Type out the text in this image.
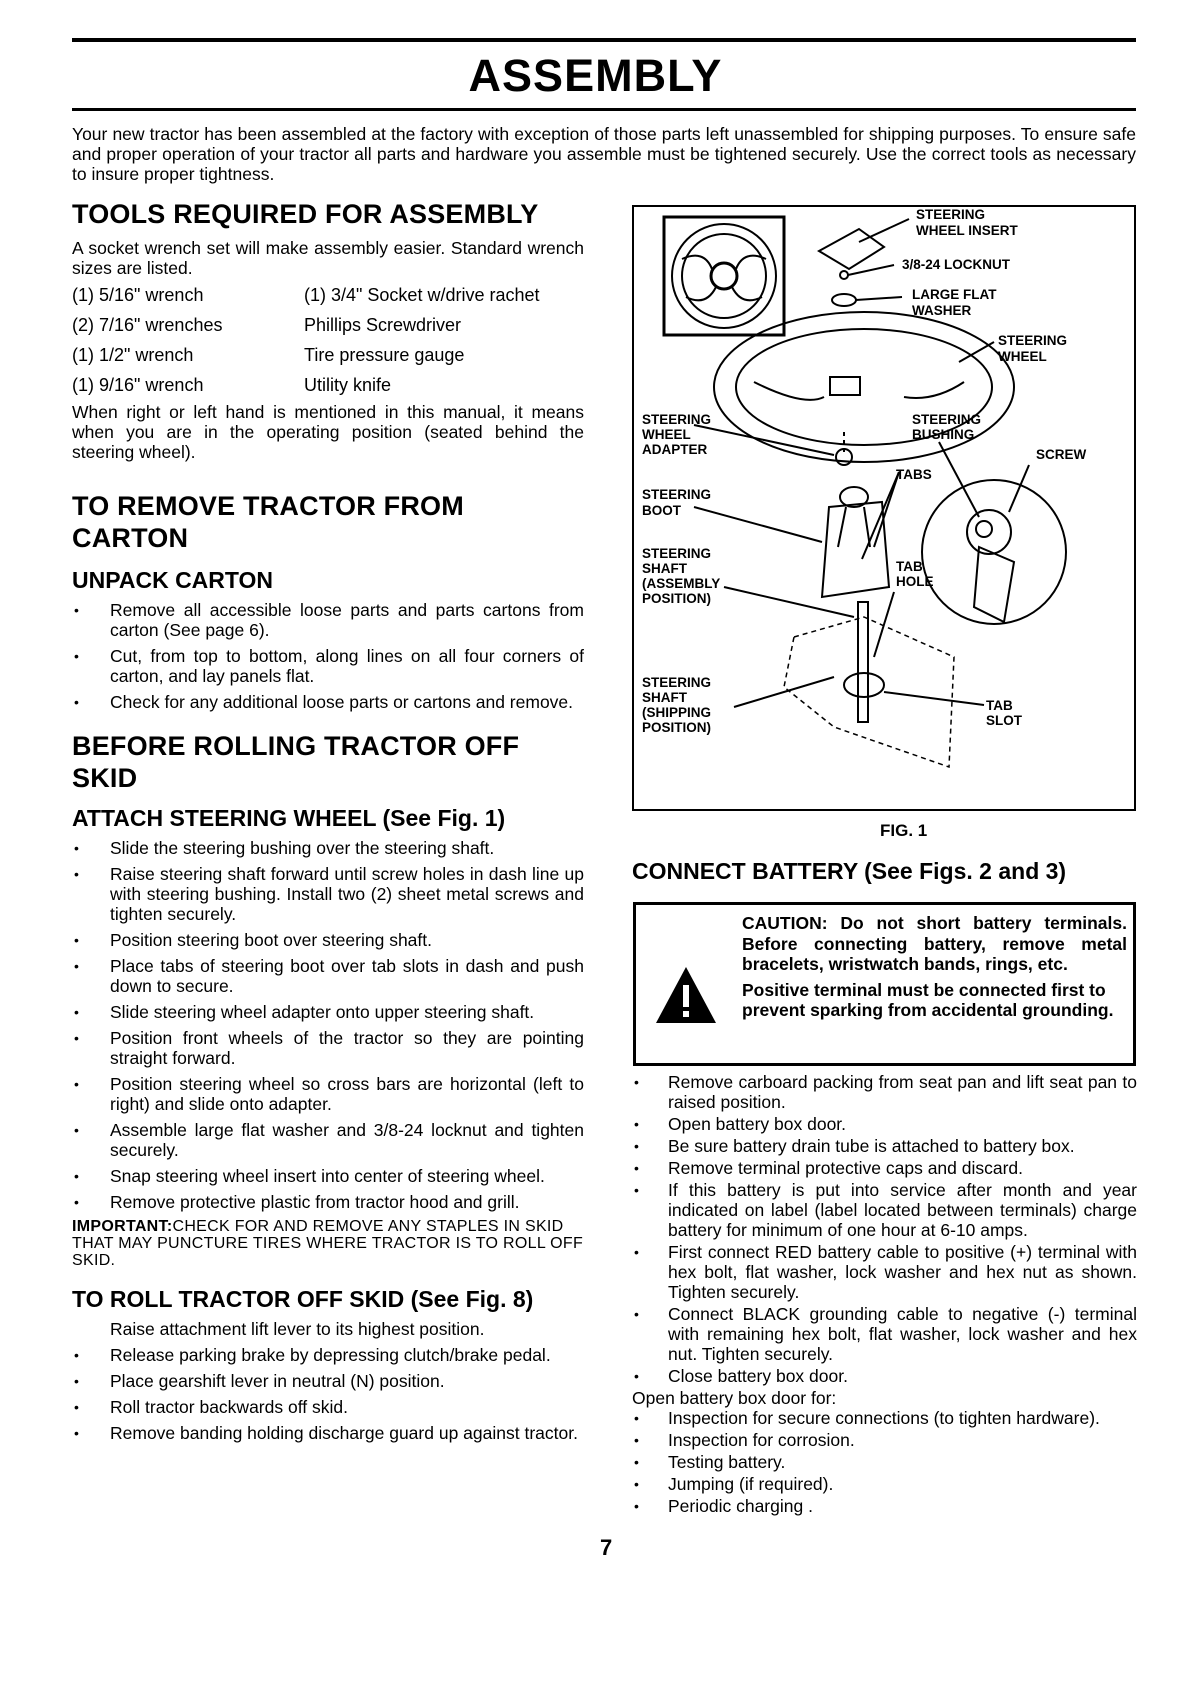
ASSEMBLY

Your new tractor has been assembled at the factory with exception of those parts left unassembled for shipping purposes. To ensure safe and proper operation of your tractor all parts and hardware you assemble must be tightened securely. Use the correct tools as necessary to insure proper tightness.

TOOLS REQUIRED FOR ASSEMBLY

A socket wrench set will make assembly easier. Standard wrench sizes are listed.

(1) 5/16" wrench	(1) 3/4" Socket w/drive rachet
(2) 7/16" wrenches	Phillips Screwdriver
(1) 1/2" wrench	Tire pressure gauge
(1) 9/16" wrench	Utility knife

When right or left hand is mentioned in this manual, it means when you are in the operating position (seated behind the steering wheel).

TO REMOVE TRACTOR FROM CARTON
UNPACK CARTON
• Remove all accessible loose parts and parts cartons from carton (See page 6).
• Cut, from top to bottom, along lines on all four corners of carton, and lay panels flat.
• Check for any additional loose parts or cartons and remove.
BEFORE ROLLING TRACTOR OFF SKID
ATTACH STEERING WHEEL (See Fig. 1)
• Slide the steering bushing over the steering shaft.
• Raise steering shaft forward until screw holes in dash line up with steering bushing. Install two (2) sheet metal screws and tighten securely.
• Position steering boot over steering shaft.
• Place tabs of steering boot over tab slots in dash and push down to secure.
• Slide steering wheel adapter onto upper steering shaft.
• Position front wheels of the tractor so they are pointing straight forward.
• Position steering wheel so cross bars are horizontal (left to right) and slide onto adapter.
• Assemble large flat washer and 3/8-24 locknut and tighten securely.
• Snap steering wheel insert into center of steering wheel.
• Remove protective plastic from tractor hood and grill.

IMPORTANT:CHECK FOR AND REMOVE ANY STAPLES IN SKID THAT MAY PUNCTURE TIRES WHERE TRACTOR IS TO ROLL OFF SKID.

TO ROLL TRACTOR OFF SKID (See Fig. 8)

Raise attachment lift lever to its highest position.

• Release parking brake by depressing clutch/brake pedal.
• Place gearshift lever in neutral (N) position.
• Roll tractor backwards off skid.
• Remove banding holding discharge guard up against tractor.
STEERING
WHEEL INSERT
3/8-24 LOCKNUT
LARGE FLAT
WASHER
STEERING
WHEEL
STEERING
WHEEL
ADAPTER
STEERING
BUSHING
SCREW
TABS
STEERING
BOOT
STEERING
SHAFT
(ASSEMBLY
POSITION)
TAB
HOLE
STEERING
SHAFT
(SHIPPING
POSITION)
TAB
SLOT
FIG. 1
CONNECT BATTERY (See Figs. 2 and 3)

CAUTION: Do not short battery terminals. Before connecting battery, remove metal bracelets, wristwatch bands, rings, etc.

Positive terminal must be connected first to prevent sparking from accidental grounding.

• Remove carboard packing from seat pan and lift seat pan to raised position.
• Open battery box door.
• Be sure battery drain tube is attached to battery box.
• Remove terminal protective caps and discard.
• If this battery is put into service after month and year indicated on label (label located between terminals) charge battery for minimum of one hour at 6-10 amps.
• First connect RED battery cable to positive (+) terminal with hex bolt, flat washer, lock washer and hex nut as shown. Tighten securely.
• Connect BLACK grounding cable to negative (-) terminal with remaining hex bolt, flat washer, lock washer and hex nut. Tighten securely.
• Close battery box door.

Open battery box door for:

• Inspection for secure connections (to tighten hardware).
• Inspection for corrosion.
• Testing battery.
• Jumping (if required).
• Periodic charging .
7
